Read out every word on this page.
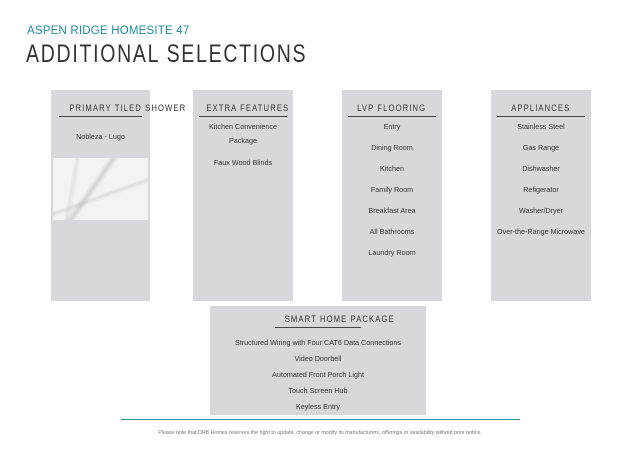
ASPEN RIDGE HOMESITE 47
ADDITIONAL SELECTIONS
PRIMARY TILED SHOWER
Nobleza - Lugo
EXTRA FEATURES
Kitchen Convenience
Package
Faux Wood Blinds
LVP FLOORING
Entry
Dining Room
Kitchen
Family Room
Breakfast Area
All Bathrooms
Laundry Room
APPLIANCES
Stainless Steel
Gas Range
Dishwasher
Refigerator
Washer/Dryer
Over-the-Range Microwave
SMART HOME PACKAGE
Structured Wiring with Four CAT6 Data Connections
Video Doorbell
Automated Front Porch Light
Touch Screen Hub
Keyless Entry
Please note that DRB Homes reserves the right to update, change or modify its manufacturers, offerings or availability without prior notice.
